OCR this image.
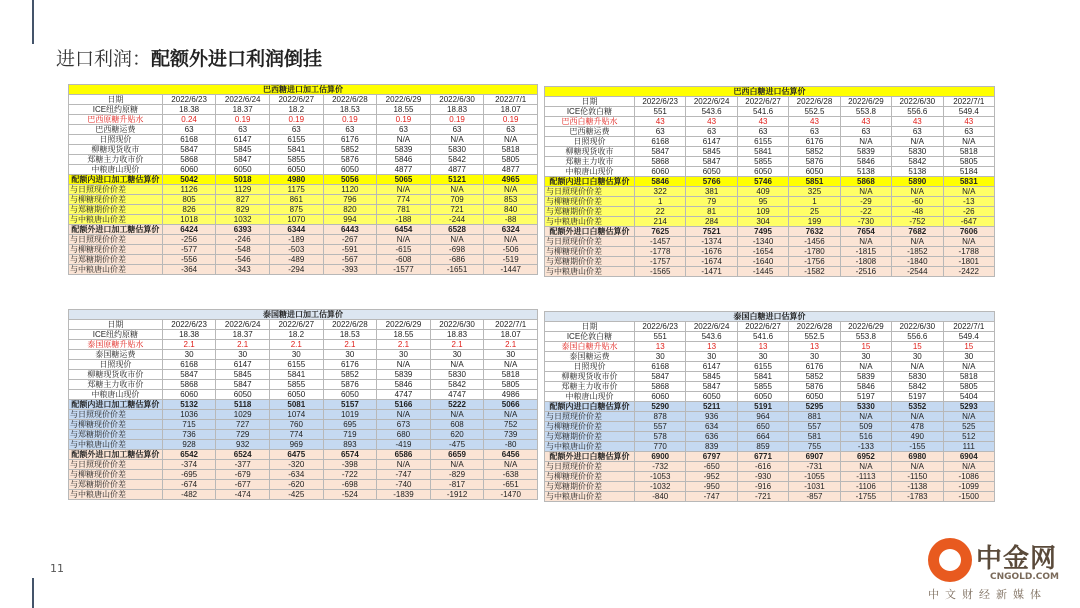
进口利润：配额外进口利润倒挂
巴西糖进口加工估算价							
日期	2022/6/23	2022/6/24	2022/6/27	2022/6/28	2022/6/29	2022/6/30	2022/7/1
ICE纽约原糖	18.38	18.37	18.2	18.53	18.55	18.83	18.07
巴西原糖升贴水	0.24	0.19	0.19	0.19	0.19	0.19	0.19
巴西糖运费	63	63	63	63	63	63	63
日照现价	6168	6147	6155	6176	N/A	N/A	N/A
柳糖现货收市	5847	5845	5841	5852	5839	5830	5818
郑糖主力收市价	5868	5847	5855	5876	5846	5842	5805
中粮唐山现价	6060	6050	6050	6050	4877	4877	4877
配额内进口加工糖估算价	5042	5018	4980	5056	5065	5121	4965
与日照现价价差	1126	1129	1175	1120	N/A	N/A	N/A
与柳糖现价价差	805	827	861	796	774	709	853
与郑糖期价价差	826	829	875	820	781	721	840
与中粮唐山价差	1018	1032	1070	994	-188	-244	-88
配额外进口加工糖估算价	6424	6393	6344	6443	6454	6528	6324
与日照现价价差	-256	-246	-189	-267	N/A	N/A	N/A
与柳糖现价价差	-577	-548	-503	-591	-615	-698	-506
与郑糖期价价差	-556	-546	-489	-567	-608	-686	-519
与中粮唐山价差	-364	-343	-294	-393	-1577	-1651	-1447
巴西白糖进口估算价							
日期	2022/6/23	2022/6/24	2022/6/27	2022/6/28	2022/6/29	2022/6/30	2022/7/1
ICE伦敦白糖	551	543.6	541.6	552.5	553.8	556.6	549.4
巴西白糖升贴水	43	43	43	43	43	43	43
巴西糖运费	63	63	63	63	63	63	63
日照现价	6168	6147	6155	6176	N/A	N/A	N/A
柳糖现货收市	5847	5845	5841	5852	5839	5830	5818
郑糖主力收市	5868	5847	5855	5876	5846	5842	5805
中粮唐山现价	6060	6050	6050	6050	5138	5138	5184
配额内进口白糖估算价	5846	5766	5746	5851	5868	5890	5831
与日照现价价差	322	381	409	325	N/A	N/A	N/A
与柳糖现价价差	1	79	95	1	-29	-60	-13
与郑糖期价价差	22	81	109	25	-22	-48	-26
与中粮唐山价差	214	284	304	199	-730	-752	-647
配额外进口白糖估算价	7625	7521	7495	7632	7654	7682	7606
与日照现价价差	-1457	-1374	-1340	-1456	N/A	N/A	N/A
与柳糖现价价差	-1778	-1676	-1654	-1780	-1815	-1852	-1788
与郑糖期价价差	-1757	-1674	-1640	-1756	-1808	-1840	-1801
与中粮唐山价差	-1565	-1471	-1445	-1582	-2516	-2544	-2422
泰国糖进口加工估算价							
日期	2022/6/23	2022/6/24	2022/6/27	2022/6/28	2022/6/29	2022/6/30	2022/7/1
ICE纽约原糖	18.38	18.37	18.2	18.53	18.55	18.83	18.07
泰国原糖升贴水	2.1	2.1	2.1	2.1	2.1	2.1	2.1
泰国糖运费	30	30	30	30	30	30	30
日照现价	6168	6147	6155	6176	N/A	N/A	N/A
柳糖现货收市价	5847	5845	5841	5852	5839	5830	5818
郑糖主力收市价	5868	5847	5855	5876	5846	5842	5805
中粮唐山现价	6060	6050	6050	6050	4747	4747	4986
配额内进口加工糖估算价	5132	5118	5081	5157	5166	5222	5066
与日照现价价差	1036	1029	1074	1019	N/A	N/A	N/A
与柳糖现价价差	715	727	760	695	673	608	752
与郑糖期价价差	736	729	774	719	680	620	739
与中粮唐山价差	928	932	969	893	-419	-475	-80
配额外进口加工糖估算价	6542	6524	6475	6574	6586	6659	6456
与日照现价价差	-374	-377	-320	-398	N/A	N/A	N/A
与柳糖现价价差	-695	-679	-634	-722	-747	-829	-638
与郑糖期价价差	-674	-677	-620	-698	-740	-817	-651
与中粮唐山价差	-482	-474	-425	-524	-1839	-1912	-1470
泰国白糖进口估算价							
日期	2022/6/23	2022/6/24	2022/6/27	2022/6/28	2022/6/29	2022/6/30	2022/7/1
ICE伦敦白糖	551	543.6	541.6	552.5	553.8	556.6	549.4
泰国白糖升贴水	13	13	13	13	15	15	15
泰国糖运费	30	30	30	30	30	30	30
日照现价	6168	6147	6155	6176	N/A	N/A	N/A
柳糖现货收市价	5847	5845	5841	5852	5839	5830	5818
郑糖主力收市价	5868	5847	5855	5876	5846	5842	5805
中粮唐山现价	6060	6050	6050	6050	5197	5197	5404
配额内进口白糖估算价	5290	5211	5191	5295	5330	5352	5293
与日照现价价差	878	936	964	881	N/A	N/A	N/A
与柳糖现价价差	557	634	650	557	509	478	525
与郑糖期价价差	578	636	664	581	516	490	512
与中粮唐山价差	770	839	859	755	-133	-155	111
配额外进口白糖估算价	6900	6797	6771	6907	6952	6980	6904
与日照现价价差	-732	-650	-616	-731	N/A	N/A	N/A
与柳糖现价价差	-1053	-952	-930	-1055	-1113	-1150	-1086
与郑糖期价价差	-1032	-950	-916	-1031	-1106	-1138	-1099
与中粮唐山价差	-840	-747	-721	-857	-1755	-1783	-1500
11	中金网
CNGOLD.COM
中文财经新媒体
